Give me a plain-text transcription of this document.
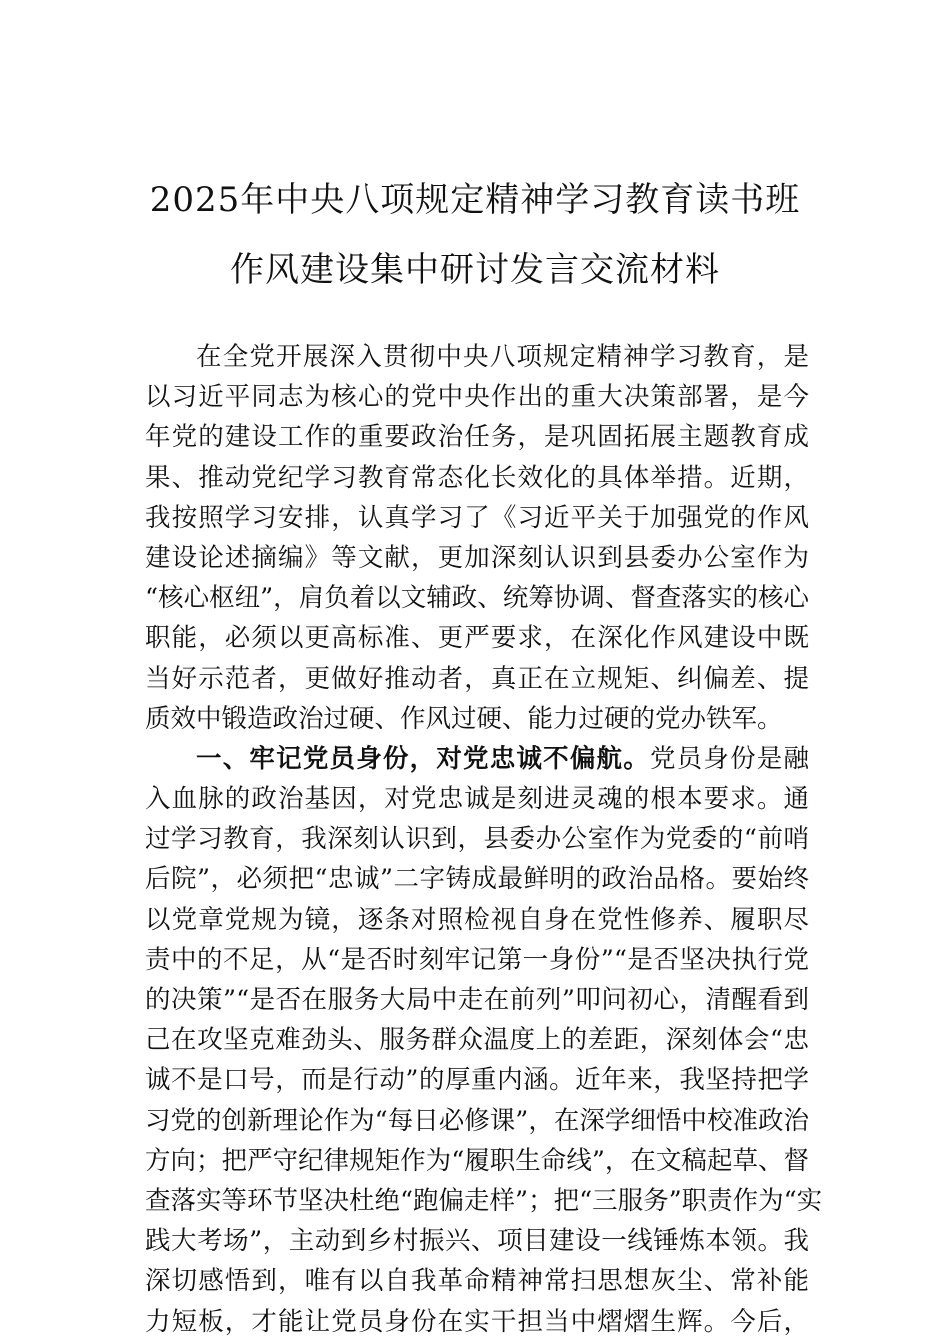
2025年中央八项规定精神学习教育读书班
作风建设集中研讨发言交流材料
在全党开展深入贯彻中央八项规定精神学习教育，是
以习近平同志为核心的党中央作出的重大决策部署，是今
年党的建设工作的重要政治任务，是巩固拓展主题教育成
果、推动党纪学习教育常态化长效化的具体举措。近期，
我按照学习安排，认真学习了《习近平关于加强党的作风
建设论述摘编》等文献，更加深刻认识到县委办公室作为
“核心枢纽”，肩负着以文辅政、统筹协调、督查落实的核心
职能，必须以更高标准、更严要求，在深化作风建设中既
当好示范者，更做好推动者，真正在立规矩、纠偏差、提
质效中锻造政治过硬、作风过硬、能力过硬的党办铁军。
一、牢记党员身份，对党忠诚不偏航。党员身份是融
入血脉的政治基因，对党忠诚是刻进灵魂的根本要求。通
过学习教育，我深刻认识到，县委办公室作为党委的“前哨
后院”，必须把“忠诚”二字铸成最鲜明的政治品格。要始终
以党章党规为镜，逐条对照检视自身在党性修养、履职尽
责中的不足，从“是否时刻牢记第一身份”“是否坚决执行党
的决策”“是否在服务大局中走在前列”叩问初心，清醒看到
己在攻坚克难劲头、服务群众温度上的差距，深刻体会“忠
诚不是口号，而是行动”的厚重内涵。近年来，我坚持把学
习党的创新理论作为“每日必修课”，在深学细悟中校准政治
方向；把严守纪律规矩作为“履职生命线”，在文稿起草、督
查落实等环节坚决杜绝“跑偏走样”；把“三服务”职责作为“实
践大考场”，主动到乡村振兴、项目建设一线锤炼本领。我
深切感悟到，唯有以自我革命精神常扫思想灰尘、常补能
力短板，才能让党员身份在实干担当中熠熠生辉。今后，
